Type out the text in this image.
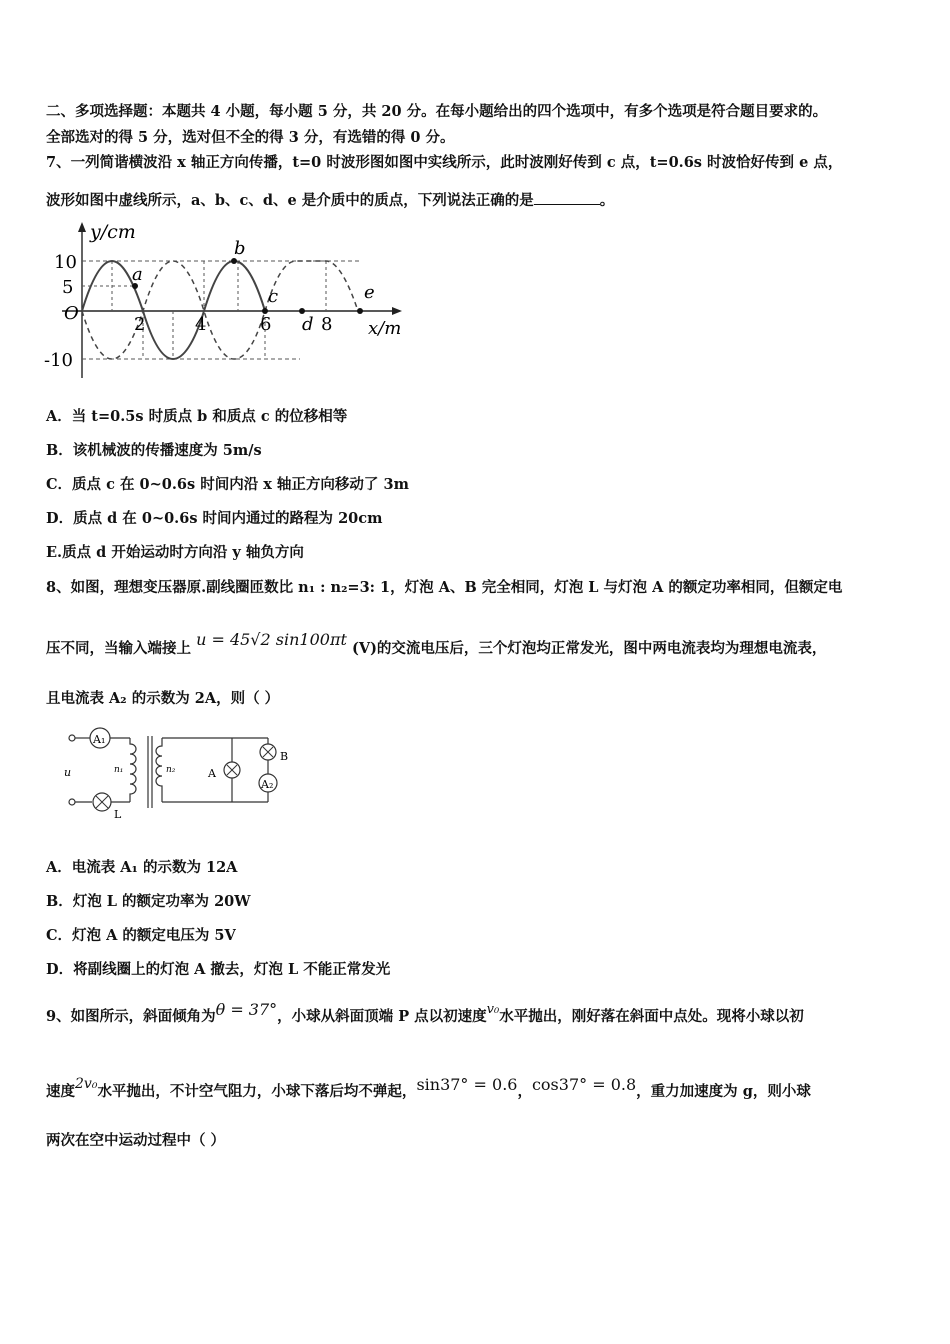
二、多项选择题：本题共 4 小题，每小题 5 分，共 20 分。在每小题给出的四个选项中，有多个选项是符合题目要求的。
全部选对的得 5 分，选对但不全的得 3 分，有选错的得 0 分。
7、一列简谐横波沿 x 轴正方向传播，t=0 时波形图如图中实线所示，此时波刚好传到 c 点，t=0.6s 时波恰好传到 e 点，
波形如图中虚线所示，a、b、c、d、e 是介质中的质点，下列说法正确的是	。
y/cm
x/m
O
10
5
-10
2	4	6	8
a
b
c
d
e
A．当 t=0.5s 时质点 b 和质点 c 的位移相等
B．该机械波的传播速度为 5m/s
C．质点 c 在 0~0.6s 时间内沿 x 轴正方向移动了 3m
D．质点 d 在 0~0.6s 时间内通过的路程为 20cm
E.质点 d 开始运动时方向沿 y 轴负方向
8、如图，理想变压器原.副线圈匝数比 n₁ : n₂=3: 1，灯泡 A、B 完全相同，灯泡 L 与灯泡 A 的额定功率相同，但额定电
压不同，当输入端接上 u = 45√2 sin100πt (V)的交流电压后，三个灯泡均正常发光，图中两电流表均为理想电流表，
且电流表 A₂ 的示数为 2A，则（ ）
u
A₁
L
n₁	n₂	A
B
A₂
A．电流表 A₁ 的示数为 12A
B．灯泡 L 的额定功率为 20W
C．灯泡 A 的额定电压为 5V
D．将副线圈上的灯泡 A 撤去，灯泡 L 不能正常发光
9、如图所示，斜面倾角为θ = 37°，小球从斜面顶端 P 点以初速度v₀水平抛出，刚好落在斜面中点处。现将小球以初
速度2v₀水平抛出，不计空气阻力，小球下落后均不弹起，sin37° = 0.6，cos37° = 0.8，重力加速度为 g，则小球
两次在空中运动过程中（ ）
